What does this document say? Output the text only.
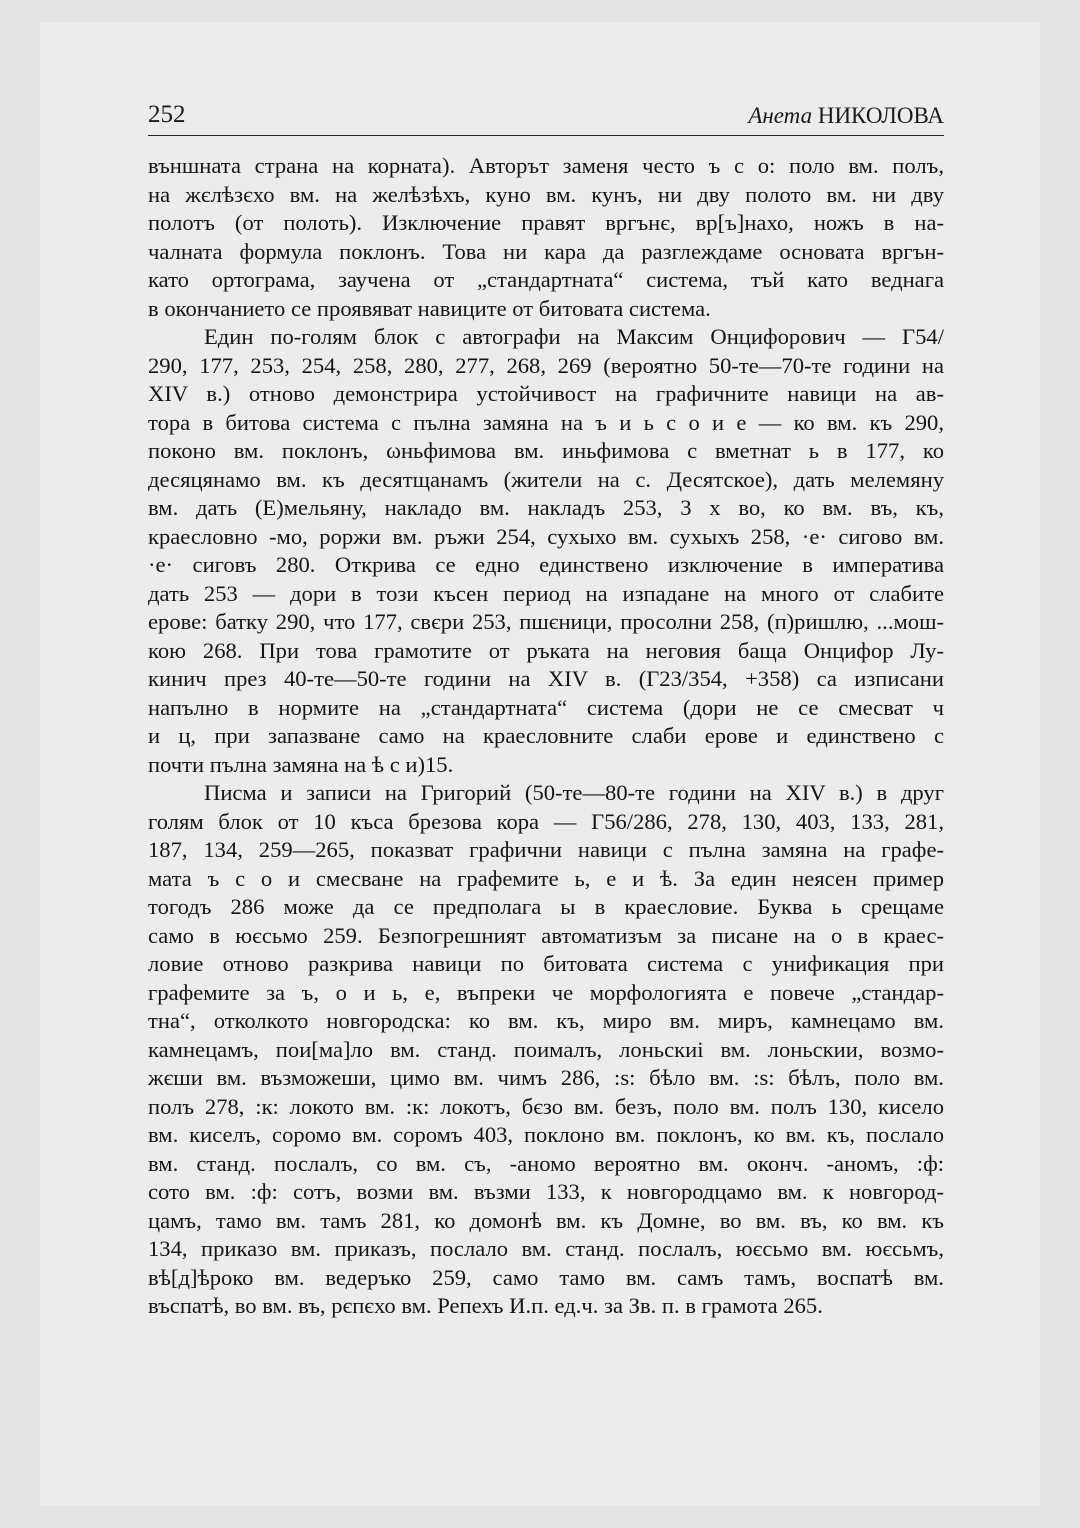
252	Анета НИКОЛОВА
външната страна на корната). Авторът заменя често ъ с о: поло вм. полъ,
на жєлѣзєхо вм. на желѣзѣхъ, куно вм. кунъ, ни дву полото вм. ни дву
полотъ (от полоть). Изключение правят вргънє, вр[ъ]нахо, ножъ в на-
чалната формула поклонъ. Това ни кара да разглеждаме основата вргън-
като ортограма, заучена от „стандартната“ система, тъй като веднага
в окончанието се проявяват навиците от битовата система.
Един по-голям блок с автографи на Максим Онцифорович — Г54/
290, 177, 253, 254, 258, 280, 277, 268, 269 (вероятно 50-те—70-те години на
XIV в.) отново демонстрира устойчивост на графичните навици на ав-
тора в битова система с пълна замяна на ъ и ь с о и е — ко вм. къ 290,
поконо вм. поклонъ, ωньфимова вм. иньфимова с вметнат ь в 177, ко
десяцянамо вм. къ десятщанамъ (жители на с. Десятское), дать мелемяну
вм. дать (Е)мельяну, накладо вм. накладъ 253, 3 х во, ко вм. въ, къ,
краесловно -мо, роржи вм. ръжи 254, сухыхо вм. сухыхъ 258, ·е· сигово вм.
·е· сиговъ 280. Открива се едно единствено изключение в императива
дать 253 — дори в този късен период на изпадане на много от слабите
ерове: батку 290, что 177, свєри 253, пшєници, просолни 258, (п)ришлю, ...мош-
кою 268. При това грамотите от ръката на неговия баща Онцифор Лу-
кинич през 40-те—50-те години на XIV в. (Г23/354, +358) са изписани
напълно в нормите на „стандартната“ система (дори не се смесват ч
и ц, при запазване само на краесловните слаби ерове и единствено с
почти пълна замяна на ѣ с и)15.
Писма и записи на Григорий (50-те—80-те години на XIV в.) в друг
голям блок от 10 къса брезова кора — Г56/286, 278, 130, 403, 133, 281,
187, 134, 259—265, показват графични навици с пълна замяна на графе-
мата ъ с о и смесване на графемите ь, е и ѣ. За един неясен пример
тогодъ 286 може да се предполага ы в краесловие. Буква ь срещаме
само в юєсьмо 259. Безпогрешният автоматизъм за писане на о в краес-
ловие отново разкрива навици по битовата система с унификация при
графемите за ъ, о и ь, е, въпреки че морфологията е повече „стандар-
тна“, отколкото новгородска: ко вм. къ, миро вм. миръ, камнецамо вм.
камнецамъ, пои[ма]ло вм. станд. поималъ, лоньскиі вм. лоньскии, возмо-
жєши вм. възможеши, цимо вм. чимъ 286, :s: бѣло вм. :s: бѣлъ, поло вм.
полъ 278, :к: локото вм. :к: локотъ, бєзо вм. безъ, поло вм. полъ 130, киселo
вм. киселъ, соромо вм. соромъ 403, поклоно вм. поклонъ, ко вм. къ, послало
вм. станд. послалъ, со вм. съ, -аномо вероятно вм. оконч. -аномъ, :ф:
сото вм. :ф: сотъ, возми вм. възми 133, к новгородцамо вм. к новгород-
цамъ, тамо вм. тамъ 281, ко домонѣ вм. къ Домне, во вм. въ, ко вм. къ
134, приказо вм. приказъ, послало вм. станд. послалъ, юєсьмо вм. юєсьмъ,
вѣ[д]ѣроко вм. ведеръко 259, само тамо вм. самъ тамъ, воспатѣ вм.
въспатѣ, во вм. въ, рєпєхо вм. Репехъ И.п. ед.ч. за Зв. п. в грамота 265.
